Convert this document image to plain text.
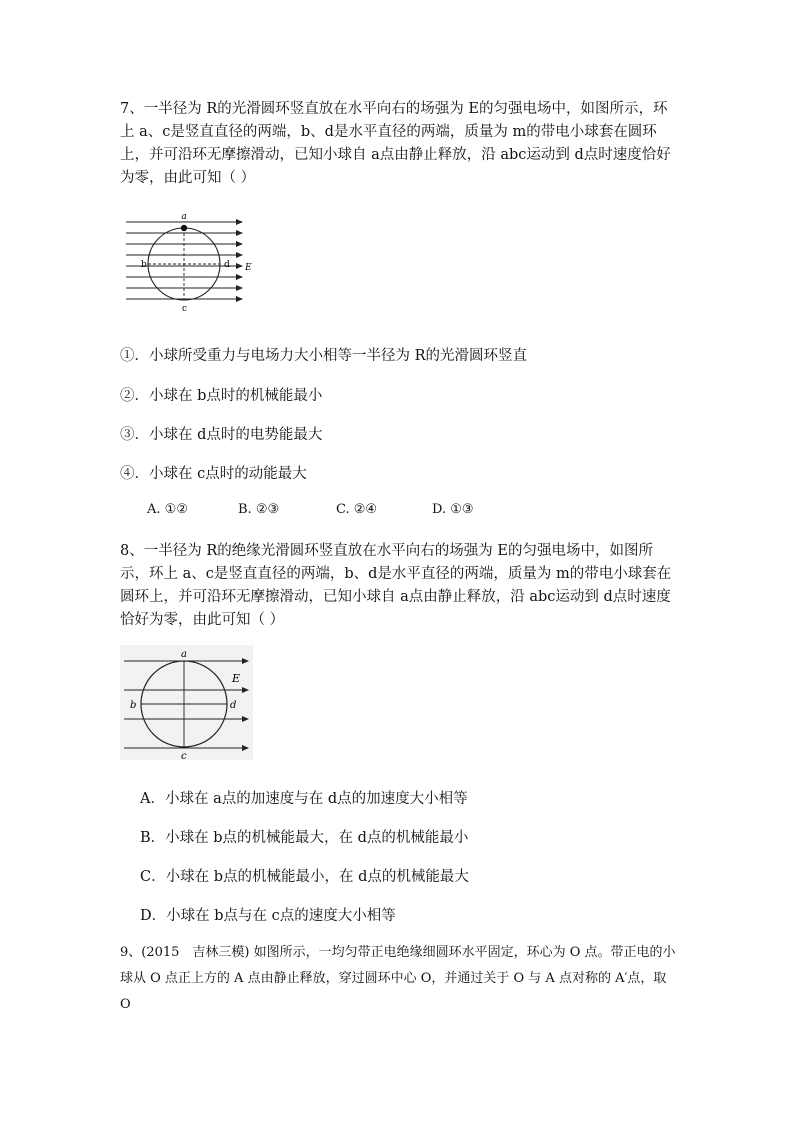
7、一半径为 R的光滑圆环竖直放在水平向右的场强为 E的匀强电场中，如图所示，环上 a、c是竖直直径的两端，b、d是水平直径的两端，质量为 m的带电小球套在圆环上，并可沿环无摩擦滑动，已知小球自 a点由静止释放，沿 abc运动到 d点时速度恰好为零，由此可知（ ）
a
b	d
c
E
①．小球所受重力与电场力大小相等一半径为 R的光滑圆环竖直
②．小球在 b点时的机械能最小
③．小球在 d点时的电势能最大
④．小球在 c点时的动能最大
A. ①②	B. ②③	C. ②④	D. ①③
8、一半径为 R的绝缘光滑圆环竖直放在水平向右的场强为 E的匀强电场中，如图所示，环上 a、c是竖直直径的两端，b、d是水平直径的两端，质量为 m的带电小球套在圆环上，并可沿环无摩擦滑动，已知小球自 a点由静止释放，沿 abc运动到 d点时速度恰好为零，由此可知（ ）
a
b	d
c
E
A．小球在 a点的加速度与在 d点的加速度大小相等
B．小球在 b点的机械能最大，在 d点的机械能最小
C．小球在 b点的机械能最小，在 d点的机械能最大
D．小球在 b点与在 c点的速度大小相等
9、(2015　吉林三模) 如图所示，一均匀带正电绝缘细圆环水平固定，环心为 O 点。带正电的小球从 O 点正上方的 A 点由静止释放，穿过圆环中心 O，并通过关于 O 与 A 点对称的 A′点，取 O
